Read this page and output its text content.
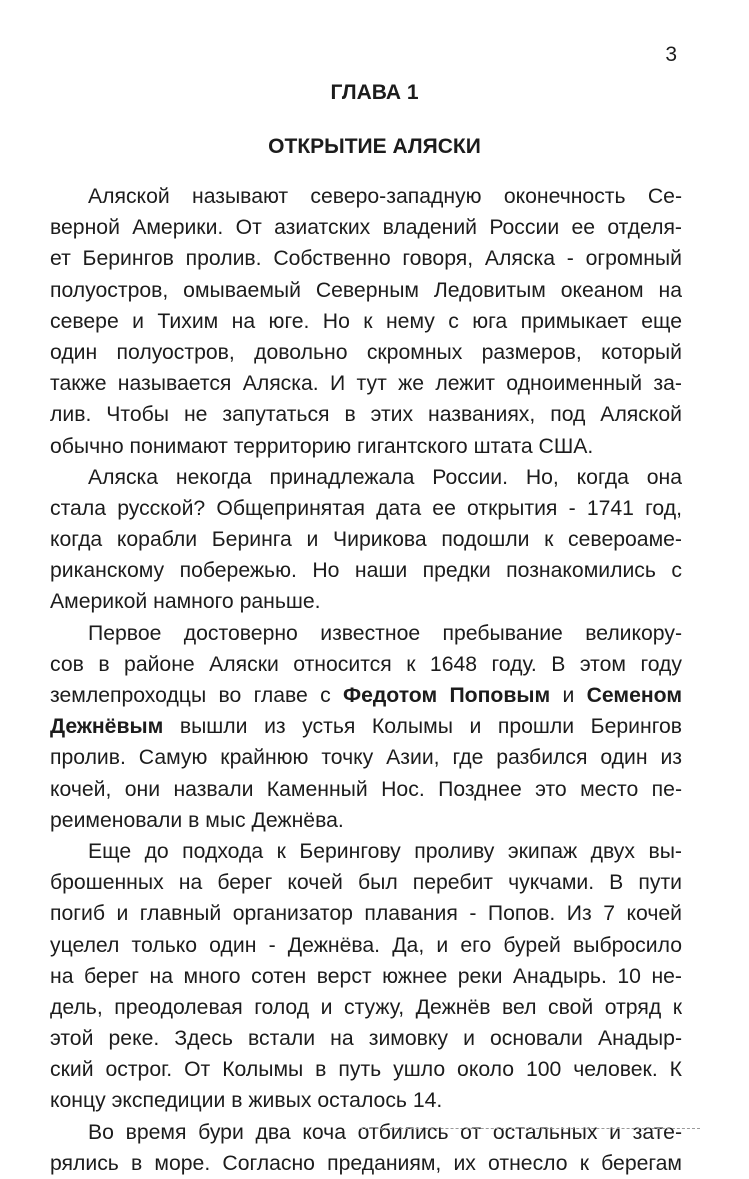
3
ГЛАВА 1
ОТКРЫТИЕ АЛЯСКИ
Аляской называют северо-западную оконечность Се-
верной Америки. От азиатских владений России ее отделя-
ет Берингов пролив. Собственно говоря, Аляска - огромный
полуостров, омываемый Северным Ледовитым океаном на
севере и Тихим на юге. Но к нему с юга примыкает еще
один полуостров, довольно скромных размеров, который
также называется Аляска. И тут же лежит одноименный за-
лив. Чтобы не запутаться в этих названиях, под Аляской
обычно понимают территорию гигантского штата США.
Аляска некогда принадлежала России. Но, когда она
стала русской? Общепринятая дата ее открытия - 1741 год,
когда корабли Беринга и Чирикова подошли к североаме-
риканскому побережью. Но наши предки познакомились с
Америкой намного раньше.
Первое достоверно известное пребывание великору-
сов в районе Аляски относится к 1648 году. В этом году
землепроходцы во главе с Федотом Поповым и Семеном
Дежнёвым вышли из устья Колымы и прошли Берингов
пролив. Самую крайнюю точку Азии, где разбился один из
кочей, они назвали Каменный Нос. Позднее это место пе-
реименовали в мыс Дежнёва.
Еще до подхода к Берингову проливу экипаж двух вы-
брошенных на берег кочей был перебит чукчами. В пути
погиб и главный организатор плавания - Попов. Из 7 кочей
уцелел только один - Дежнёва. Да, и его бурей выбросило
на берег на много сотен верст южнее реки Анадырь. 10 не-
дель, преодолевая голод и стужу, Дежнёв вел свой отряд к
этой реке. Здесь встали на зимовку и основали Анадыр-
ский острог. От Колымы в путь ушло около 100 человек. К
концу экспедиции в живых осталось 14.
Во время бури два коча отбились от остальных и зате-
рялись в море. Согласно преданиям, их отнесло к берегам
